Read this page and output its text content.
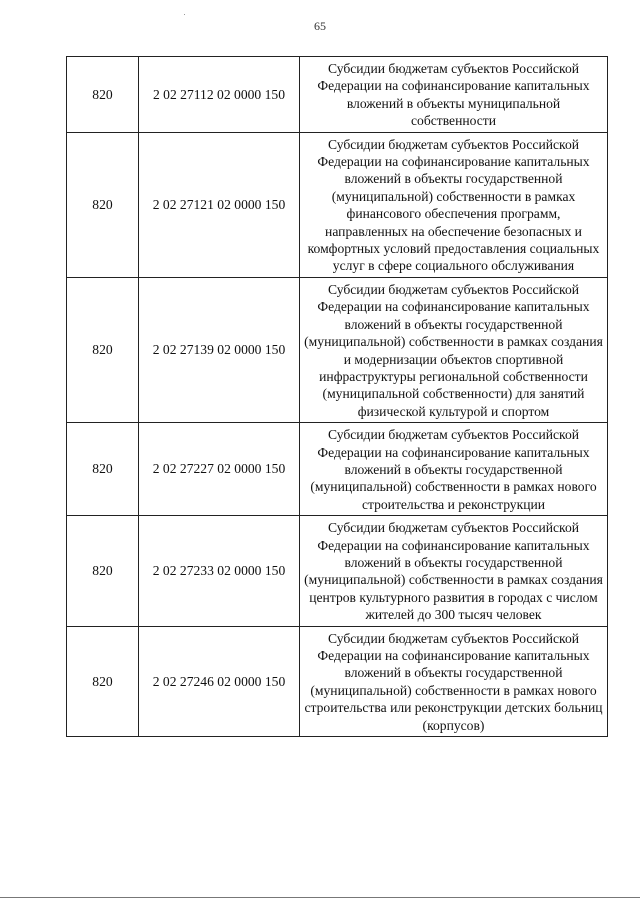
65
820	2 02 27112 02 0000 150	Субсидии бюджетам субъектов Российской Федерации на софинансирование капитальных вложений в объекты муниципальной собственности
820	2 02 27121 02 0000 150	Субсидии бюджетам субъектов Российской Федерации на софинансирование капитальных вложений в объекты государственной (муниципальной) собственности в рамках финансового обеспечения программ, направленных на обеспечение безопасных и комфортных условий предоставления социальных услуг в сфере социального обслуживания
820	2 02 27139 02 0000 150	Субсидии бюджетам субъектов Российской Федерации на софинансирование капитальных вложений в объекты государственной (муниципальной) собственности в рамках создания и модернизации объектов спортивной инфраструктуры региональной собственности (муниципальной собственности) для занятий физической культурой и спортом
820	2 02 27227 02 0000 150	Субсидии бюджетам субъектов Российской Федерации на софинансирование капитальных вложений в объекты государственной (муниципальной) собственности в рамках нового строительства и реконструкции
820	2 02 27233 02 0000 150	Субсидии бюджетам субъектов Российской Федерации на софинансирование капитальных вложений в объекты государственной (муниципальной) собственности в рамках создания центров культурного развития в городах с числом жителей до 300 тысяч человек
820	2 02 27246 02 0000 150	Субсидии бюджетам субъектов Российской Федерации на софинансирование капитальных вложений в объекты государственной (муниципальной) собственности в рамках нового строительства или реконструкции детских больниц (корпусов)
